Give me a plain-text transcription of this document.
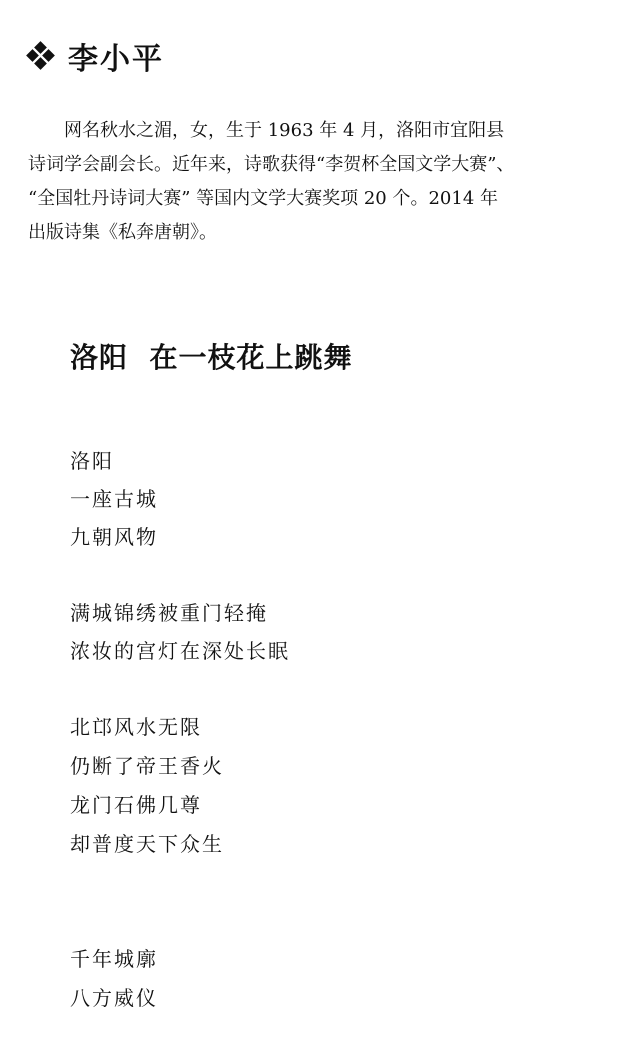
李小平

网名秋水之湄，女，生于 1963 年 4 月，洛阳市宜阳县
诗词学会副会长。近年来，诗歌获得“李贺杯全国文学大赛”、
“全国牡丹诗词大赛” 等国内文学大赛奖项 20 个。2014 年
出版诗集《私奔唐朝》。

洛阳  在一枝花上跳舞
洛阳
一座古城
九朝风物
满城锦绣被重门轻掩
浓妆的宫灯在深处长眠
北邙风水无限
仍断了帝王香火
龙门石佛几尊
却普度天下众生
千年城廓
八方威仪
